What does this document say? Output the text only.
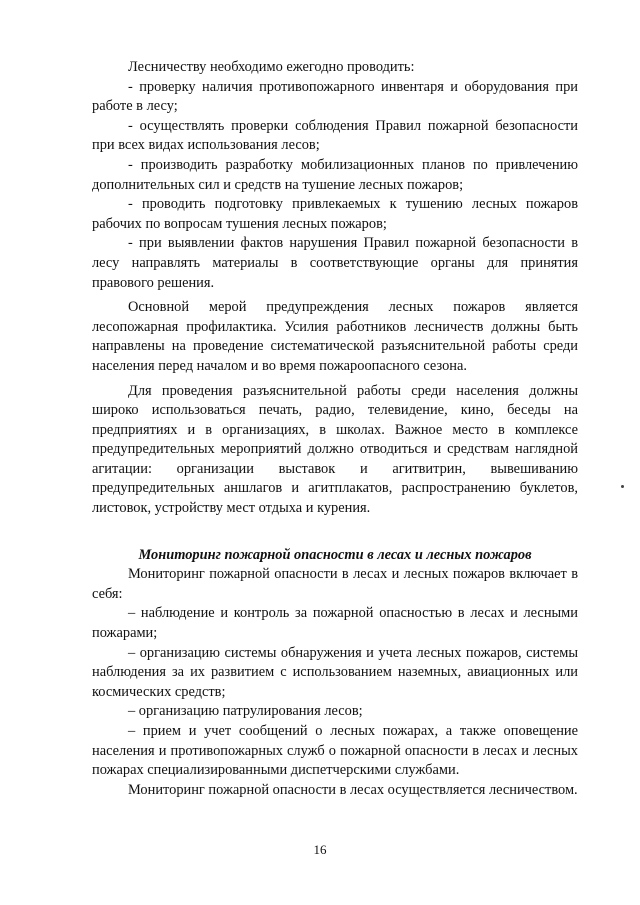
Лесничеству необходимо ежегодно проводить:

- проверку наличия противопожарного инвентаря и оборудования при работе в лесу;

- осуществлять проверки соблюдения Правил пожарной безопасности при всех видах использования лесов;

- производить разработку мобилизационных планов по привлечению дополнительных сил и средств на тушение лесных пожаров;

- проводить подготовку привлекаемых к тушению лесных пожаров рабочих по вопросам тушения лесных пожаров;

- при выявлении фактов нарушения Правил пожарной безопасности в лесу направлять материалы в соответствующие органы для принятия правового решения.

Основной мерой предупреждения лесных пожаров является лесопожарная профилактика. Усилия работников лесничеств должны быть направлены на проведение систематической разъяснительной работы среди населения перед началом и во время пожароопасного сезона.

Для проведения разъяснительной работы среди населения должны широко использоваться печать, радио, телевидение, кино, беседы на предприятиях и в организациях, в школах. Важное место в комплексе предупредительных мероприятий должно отводиться и средствам наглядной агитации: организации выставок и агитвитрин, вывешиванию предупредительных аншлагов и агитплакатов, распространению буклетов, листовок, устройству мест отдыха и курения.

Мониторинг пожарной опасности в лесах и лесных пожаров

Мониторинг пожарной опасности в лесах и лесных пожаров включает в себя:

– наблюдение и контроль за пожарной опасностью в лесах и лесными пожарами;

– организацию системы обнаружения и учета лесных пожаров, системы наблюдения за их развитием с использованием наземных, авиационных или космических средств;

– организацию патрулирования лесов;

– прием и учет сообщений о лесных пожарах, а также оповещение населения и противопожарных служб о пожарной опасности в лесах и лесных пожарах специализированными диспетчерскими службами.

Мониторинг пожарной опасности в лесах осуществляется лесничеством.

16
